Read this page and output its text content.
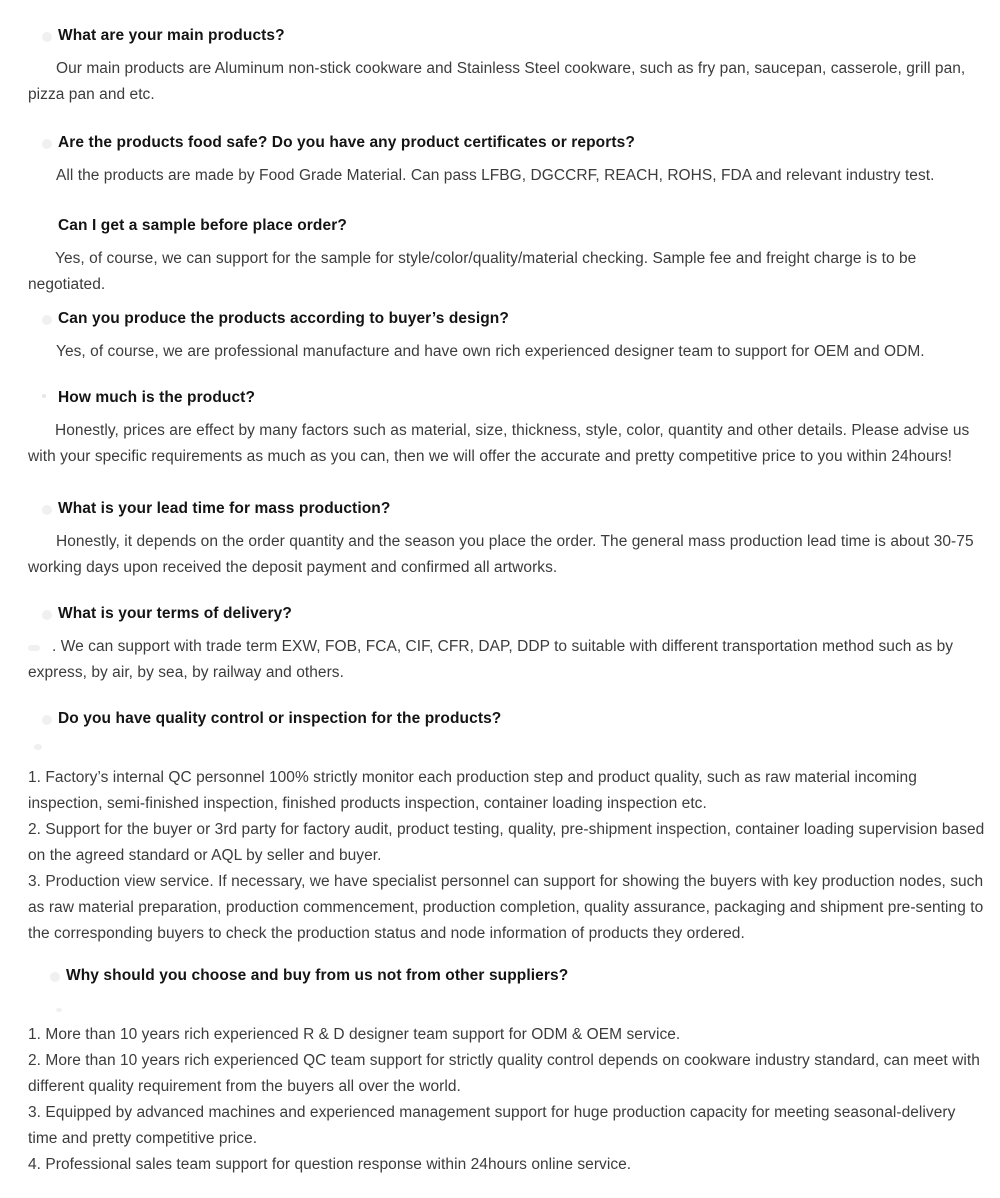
What are your main products?
Our main products are Aluminum non-stick cookware and Stainless Steel cookware, such as fry pan, saucepan, casserole, grill pan, pizza pan and etc.
Are the products food safe? Do you have any product certificates or reports?
All the products are made by Food Grade Material. Can pass LFBG, DGCCRF, REACH, ROHS, FDA and relevant industry test.
Can I get a sample before place order?
Yes, of course, we can support for the sample for style/color/quality/material checking. Sample fee and freight charge is to be negotiated.
Can you produce the products according to buyer’s design?
Yes, of course, we are professional manufacture and have own rich experienced designer team to support for OEM and ODM.
How much is the product?
Honestly, prices are effect by many factors such as material, size, thickness, style, color, quantity and other details. Please advise us with your specific requirements as much as you can, then we will offer the accurate and pretty competitive price to you within 24hours!
What is your lead time for mass production?
Honestly, it depends on the order quantity and the season you place the order. The general mass production lead time is about 30-75 working days upon received the deposit payment and confirmed all artworks.
What is your terms of delivery?
. We can support with trade term EXW, FOB, FCA, CIF, CFR, DAP, DDP to suitable with different transportation method such as by express, by air, by sea, by railway and others.
Do you have quality control or inspection for the products?

1. Factory’s internal QC personnel 100% strictly monitor each production step and product quality, such as raw material incoming inspection, semi-finished inspection, finished products inspection, container loading inspection etc.

2. Support for the buyer or 3rd party for factory audit, product testing, quality, pre-shipment inspection, container loading supervision based on the agreed standard or AQL by seller and buyer.

3. Production view service. If necessary, we have specialist personnel can support for showing the buyers with key production nodes, such as raw material preparation, production commencement, production completion, quality assurance, packaging and shipment pre-senting to the corresponding buyers to check the production status and node information of products they ordered.

Why should you choose and buy from us not from other suppliers?

1. More than 10 years rich experienced R & D designer team support for ODM & OEM service.

2. More than 10 years rich experienced QC team support for strictly quality control depends on cookware industry standard, can meet with different quality requirement from the buyers all over the world.

3. Equipped by advanced machines and experienced management support for huge production capacity for meeting seasonal-delivery time and pretty competitive price.

4. Professional sales team support for question response within 24hours online service.
